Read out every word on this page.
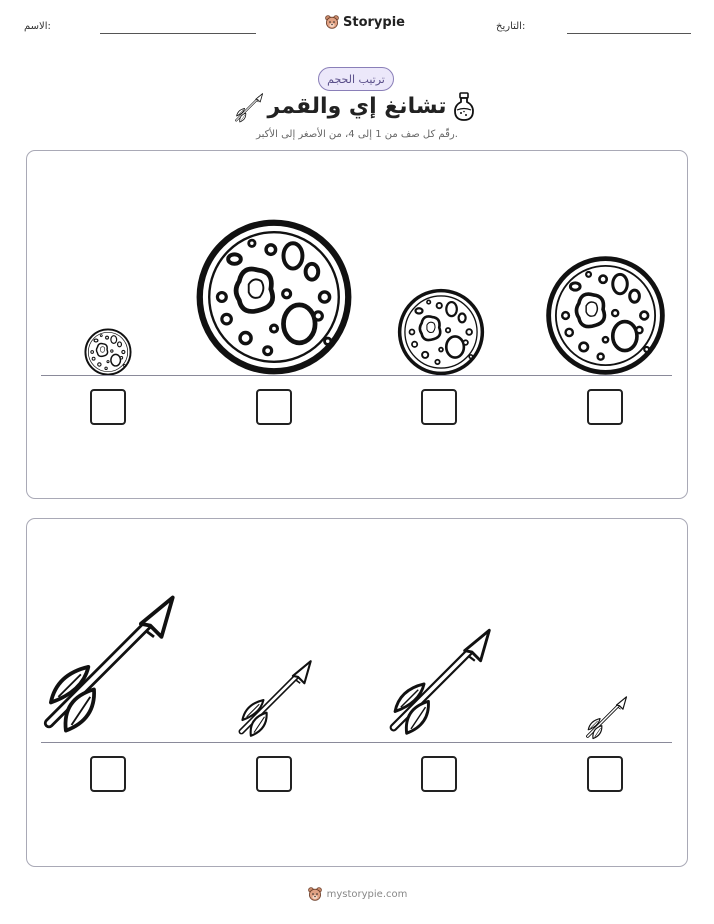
الاسم:	Storypie	التاريخ:
ترتيب الحجم
تشانغ إي والقمر
رقّم كل صف من 1 إلى 4، من الأصغر إلى الأكبر.
mystorypie.com
